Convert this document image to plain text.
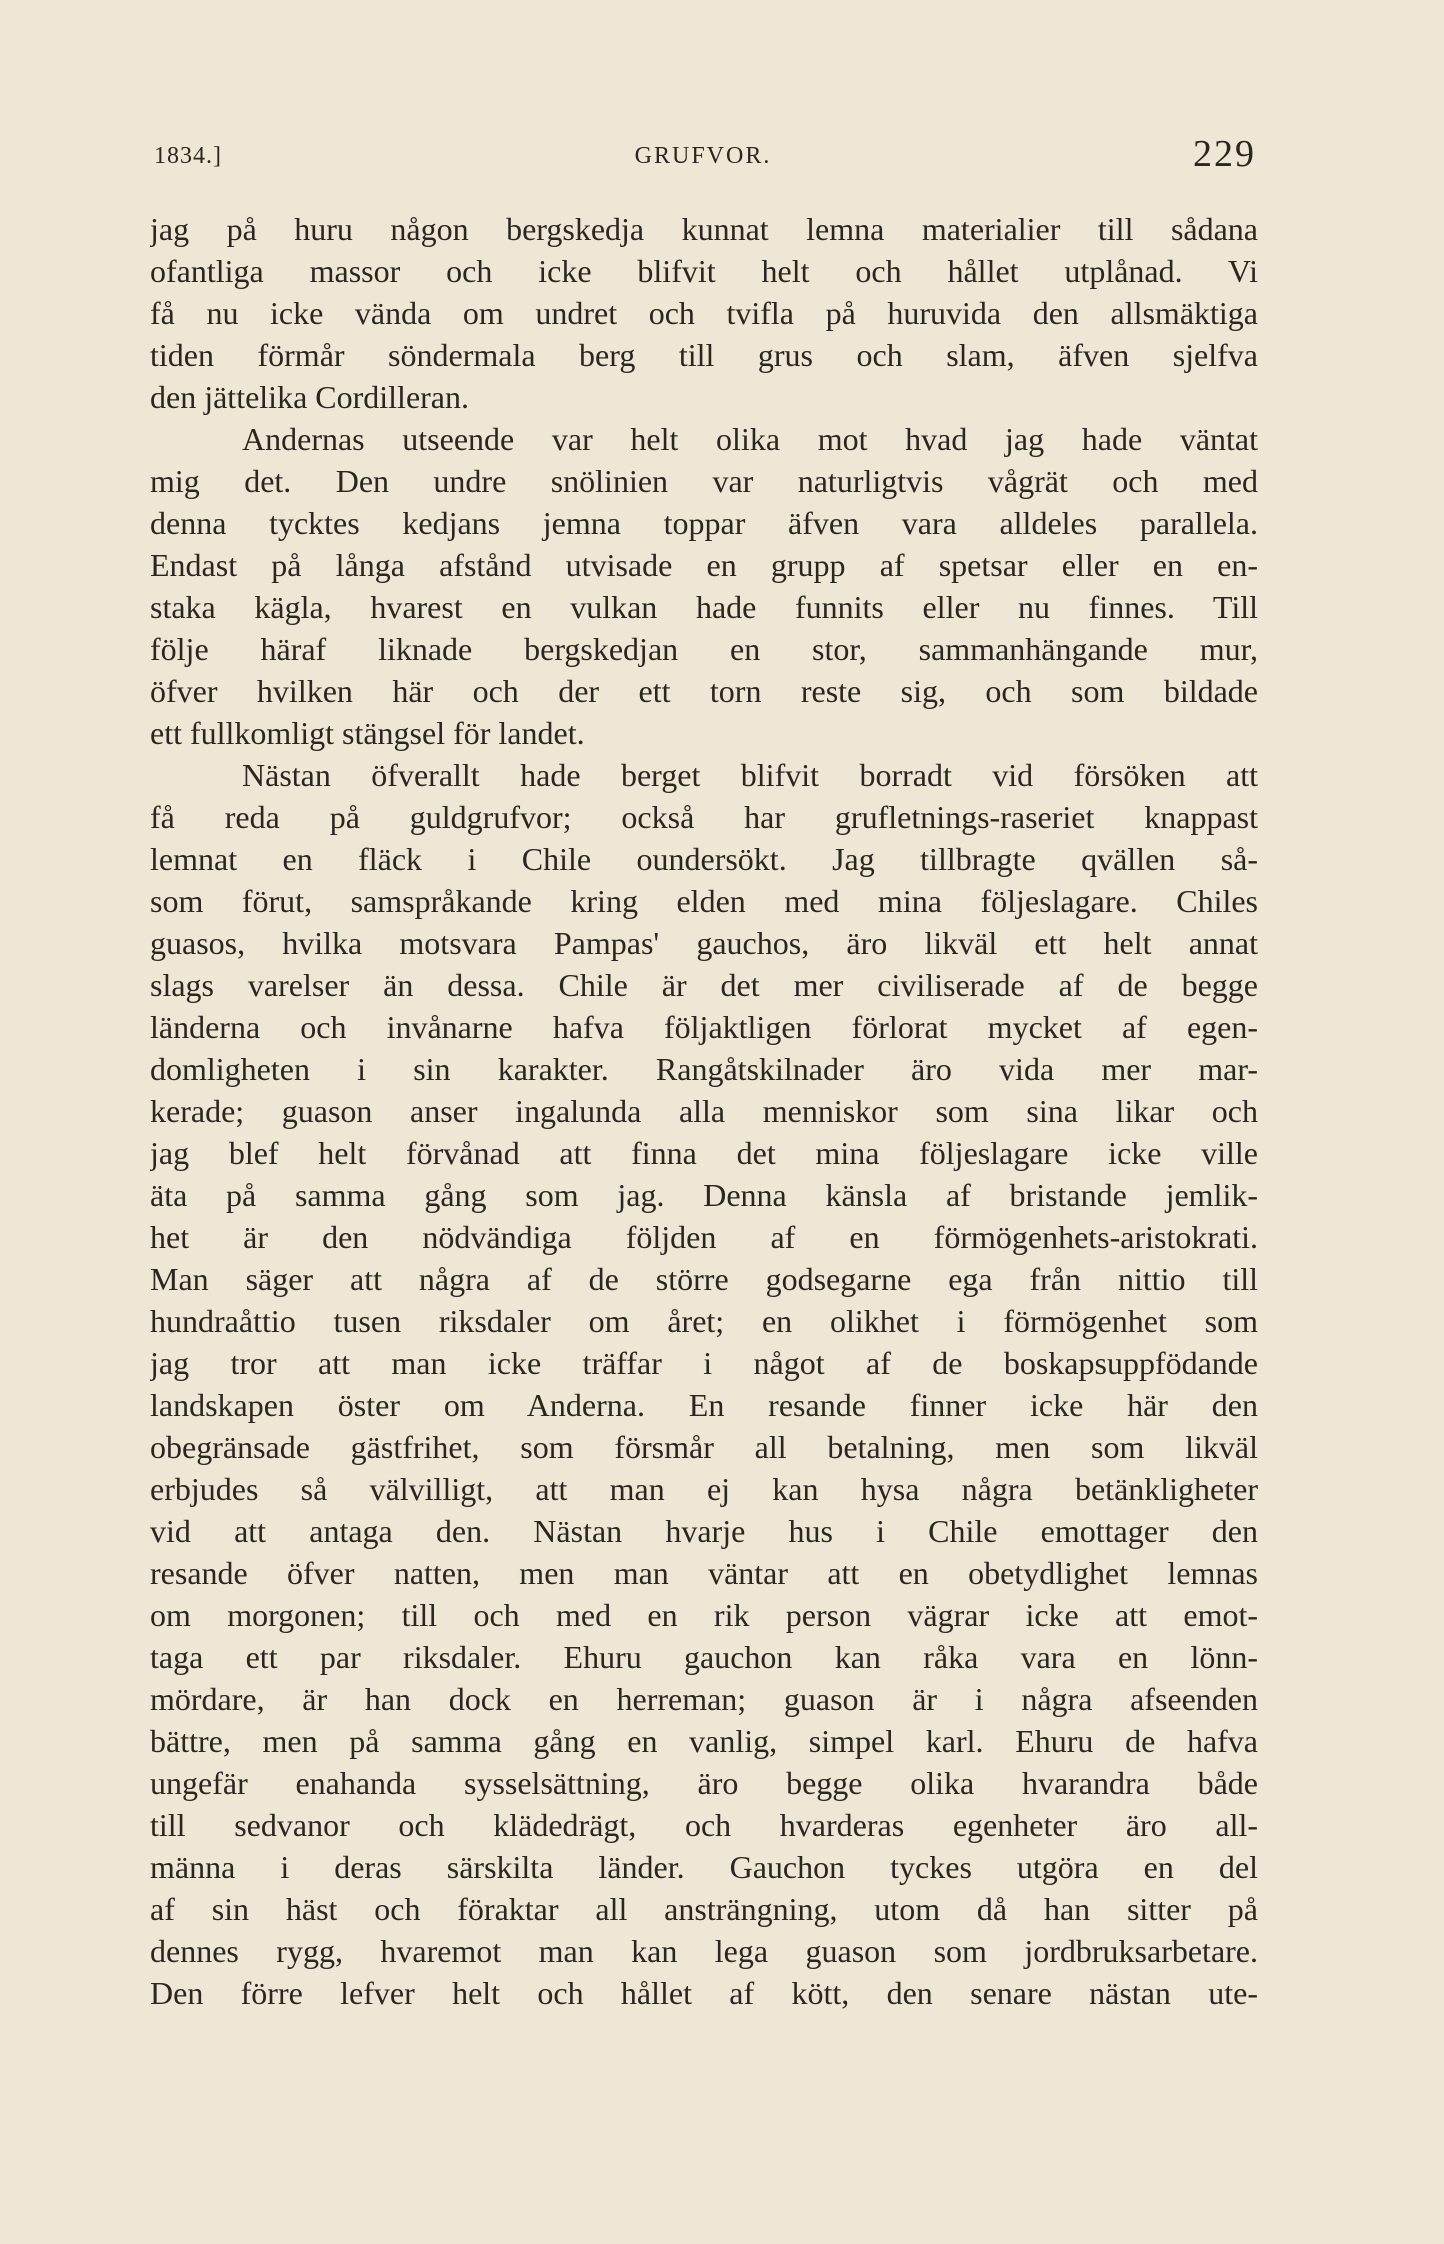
1834.]	GRUFVOR.	229
jag på huru någon bergskedja kunnat lemna materialier till sådana
ofantliga massor och icke blifvit helt och hållet utplånad. Vi
få nu icke vända om undret och tvifla på huruvida den allsmäktiga
tiden förmår söndermala berg till grus och slam, äfven sjelfva
den jättelika Cordilleran.
Andernas utseende var helt olika mot hvad jag hade väntat
mig det. Den undre snölinien var naturligtvis vågrät och med
denna tycktes kedjans jemna toppar äfven vara alldeles parallela.
Endast på långa afstånd utvisade en grupp af spetsar eller en en-
staka kägla, hvarest en vulkan hade funnits eller nu finnes. Till
följe häraf liknade bergskedjan en stor, sammanhängande mur,
öfver hvilken här och der ett torn reste sig, och som bildade
ett fullkomligt stängsel för landet.
Nästan öfverallt hade berget blifvit borradt vid försöken att
få reda på guldgrufvor; också har grufletnings-raseriet knappast
lemnat en fläck i Chile oundersökt. Jag tillbragte qvällen så-
som förut, samspråkande kring elden med mina följeslagare. Chiles
guasos, hvilka motsvara Pampas' gauchos, äro likväl ett helt annat
slags varelser än dessa. Chile är det mer civiliserade af de begge
länderna och invånarne hafva följaktligen förlorat mycket af egen-
domligheten i sin karakter. Rangåtskilnader äro vida mer mar-
kerade; guason anser ingalunda alla menniskor som sina likar och
jag blef helt förvånad att finna det mina följeslagare icke ville
äta på samma gång som jag. Denna känsla af bristande jemlik-
het är den nödvändiga följden af en förmögenhets-aristokrati.
Man säger att några af de större godsegarne ega från nittio till
hundraåttio tusen riksdaler om året; en olikhet i förmögenhet som
jag tror att man icke träffar i något af de boskapsuppfödande
landskapen öster om Anderna. En resande finner icke här den
obegränsade gästfrihet, som försmår all betalning, men som likväl
erbjudes så välvilligt, att man ej kan hysa några betänkligheter
vid att antaga den. Nästan hvarje hus i Chile emottager den
resande öfver natten, men man väntar att en obetydlighet lemnas
om morgonen; till och med en rik person vägrar icke att emot-
taga ett par riksdaler. Ehuru gauchon kan råka vara en lönn-
mördare, är han dock en herreman; guason är i några afseenden
bättre, men på samma gång en vanlig, simpel karl. Ehuru de hafva
ungefär enahanda sysselsättning, äro begge olika hvarandra både
till sedvanor och klädedrägt, och hvarderas egenheter äro all-
männa i deras särskilta länder. Gauchon tyckes utgöra en del
af sin häst och föraktar all ansträngning, utom då han sitter på
dennes rygg, hvaremot man kan lega guason som jordbruksarbetare.
Den förre lefver helt och hållet af kött, den senare nästan ute-
